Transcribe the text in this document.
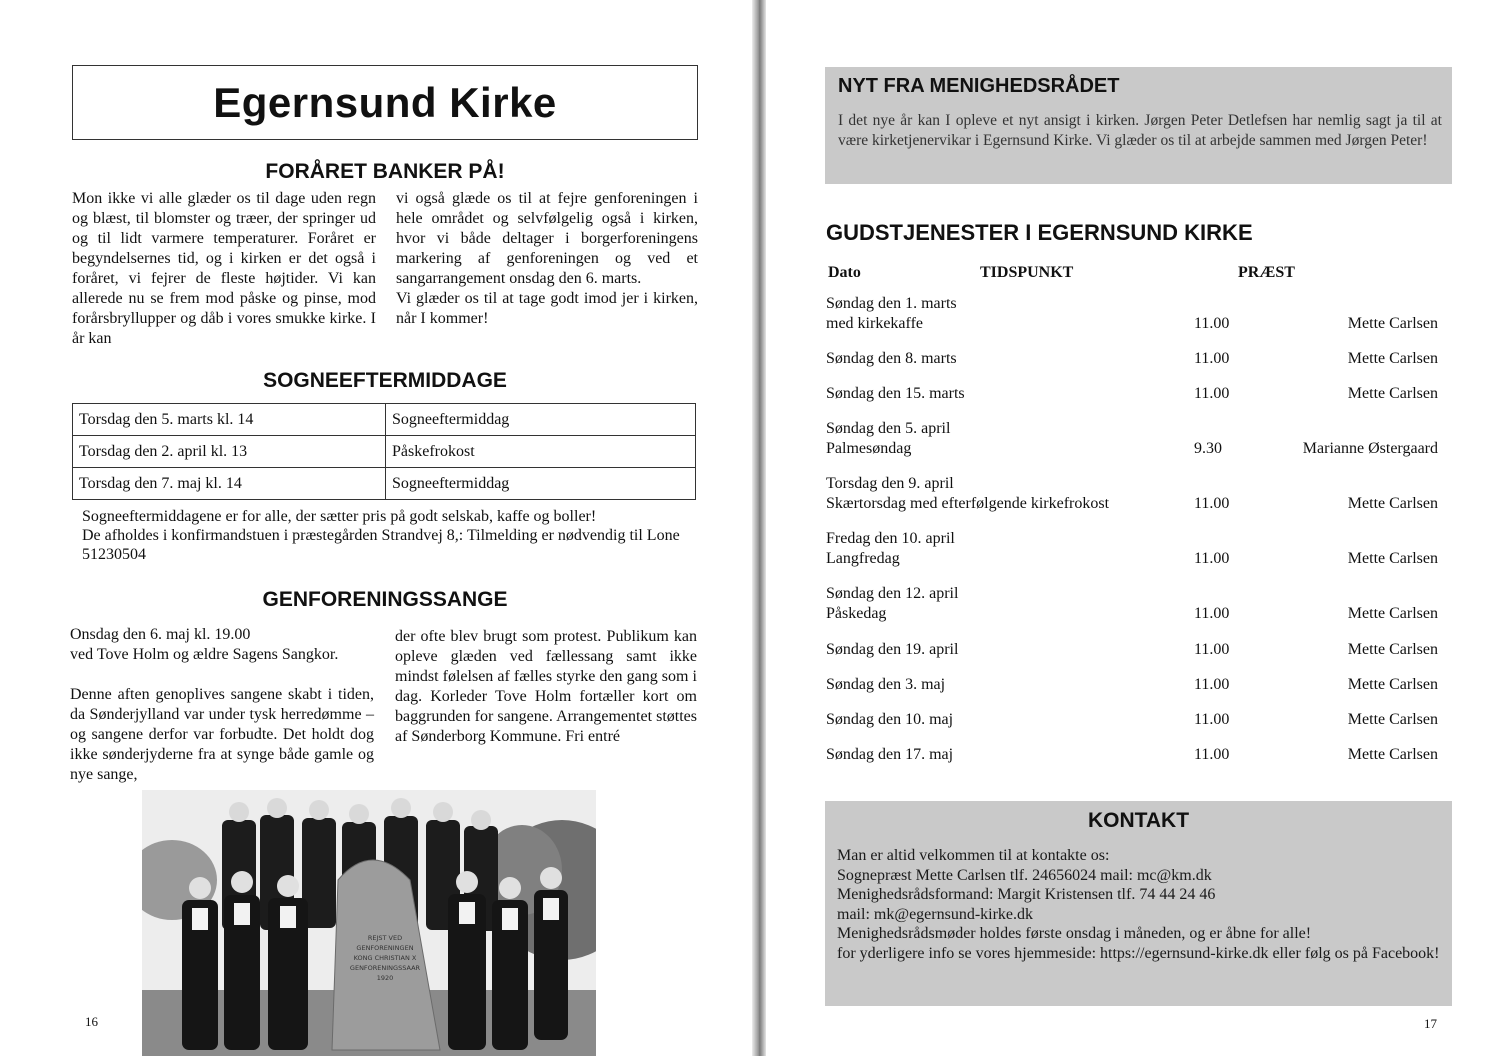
Egernsund Kirke
FORÅRET BANKER PÅ!

Mon ikke vi alle glæder os til dage uden regn og blæst, til blomster og træer, der springer ud og til lidt varmere temperaturer. Foråret er begyndelsernes tid, og i kirken er det også i foråret, vi fejrer de fleste højtider. Vi kan allerede nu se frem mod påske og pinse, mod forårsbryllupper og dåb i vores smukke kirke. I år kan

vi også glæde os til at fejre genforeningen i hele området og selvfølgelig også i kirken, hvor vi både deltager i borgerforeningens markering af genforeningen og ved et sangarrangement onsdag den 6. marts.

Vi glæder os til at tage godt imod jer i kirken, når I kommer!

SOGNEEFTERMIDDAGE
Torsdag den 5. marts kl. 14	Sogneeftermiddag
Torsdag den 2. april kl. 13	Påskefrokost
Torsdag den 7. maj kl. 14	Sogneeftermiddag
Sogneeftermiddagene er for alle, der sætter pris på godt selskab, kaffe og boller!
De afholdes i konfirmandstuen i præstegården Strandvej 8,: Tilmelding er nødvendig til Lone 51230504
GENFORENINGSSANGE

Onsdag den 6. maj kl. 19.00

ved Tove Holm og ældre Sagens Sangkor.

Denne aften genoplives sangene skabt i tiden, da Sønderjylland var under tysk herredømme – og sangene derfor var forbudte. Det holdt dog ikke sønderjyderne fra at synge både gamle og nye sange,

der ofte blev brugt som protest. Publikum kan opleve glæden ved fællessang samt ikke mindst følelsen af fælles styrke den gang som i dag. Korleder Tove Holm fortæller kort om baggrunden for sangene. Arrangementet støttes af Sønderborg Kommune. Fri entré

REJST VED
GENFORENINGEN
KONG CHRISTIAN X
GENFORENINGSSAAR
1920
16
NYT FRA MENIGHEDSRÅDET
I det nye år kan I opleve et nyt ansigt i kirken. Jørgen Peter Detlefsen har nemlig sagt ja til at være kirketjenervikar i Egernsund Kirke. Vi glæder os til at arbejde sammen med Jørgen Peter!
GUDSTJENESTER I EGERNSUND KIRKE
Dato	TIDSPUNKT	PRÆST
Søndag den 1. marts
med kirkekaffe	11.00	Mette Carlsen
Søndag den 8. marts	11.00	Mette Carlsen
Søndag den 15. marts	11.00	Mette Carlsen
Søndag den 5. april
Palmesøndag	9.30	Marianne Østergaard
Torsdag den 9. april
Skærtorsdag med efterfølgende kirkefrokost	11.00	Mette Carlsen
Fredag den 10. april
Langfredag	11.00	Mette Carlsen
Søndag den 12. april
Påskedag	11.00	Mette Carlsen
Søndag den 19. april	11.00	Mette Carlsen
Søndag den 3. maj	11.00	Mette Carlsen
Søndag den 10. maj	11.00	Mette Carlsen
Søndag den 17. maj	11.00	Mette Carlsen
KONTAKT
Man er altid velkommen til at kontakte os:
Sognepræst Mette Carlsen tlf. 24656024 mail: mc@km.dk
Menighedsrådsformand: Margit Kristensen tlf. 74 44 24 46
mail: mk@egernsund-kirke.dk
Menighedsrådsmøder holdes første onsdag i måneden, og er åbne for alle!
for yderligere info se vores hjemmeside: https://egernsund-kirke.dk eller følg os på Facebook!
17
